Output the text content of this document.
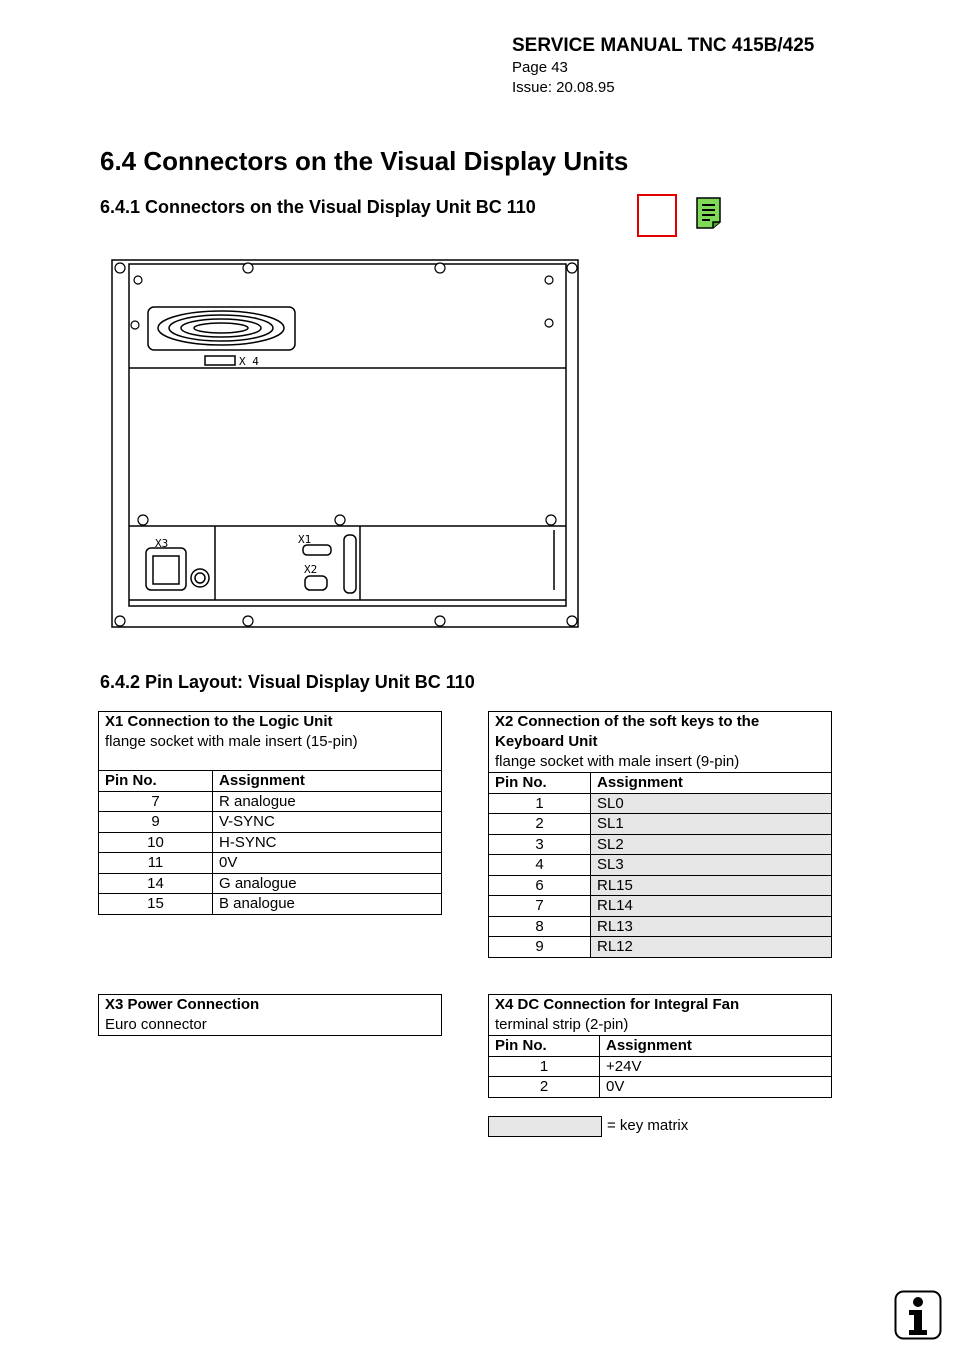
SERVICE MANUAL TNC 415B/425
Page 43
Issue: 20.08.95
6.4 Connectors on the Visual Display Units
6.4.1 Connectors on the Visual Display Unit BC 110
X 4
X3	X1
X2
6.4.2 Pin Layout: Visual Display Unit BC 110
X1 Connection to the Logic Unit
flange socket with male insert (15-pin)	

Pin No.	Assignment
7	R analogue
9	V-SYNC
10	H-SYNC
11	0V
14	G analogue
15	B analogue
X2 Connection of the soft keys to the Keyboard Unit
flange socket with male insert (9-pin)	

Pin No.	Assignment
1	SL0
2	SL1
3	SL2
4	SL3
6	RL15
7	RL14
8	RL13
9	RL12
X3 Power Connection
Euro connector
X4 DC Connection for Integral Fan
terminal strip (2-pin)	

Pin No.	Assignment
1	+24V
2	0V
= key matrix
